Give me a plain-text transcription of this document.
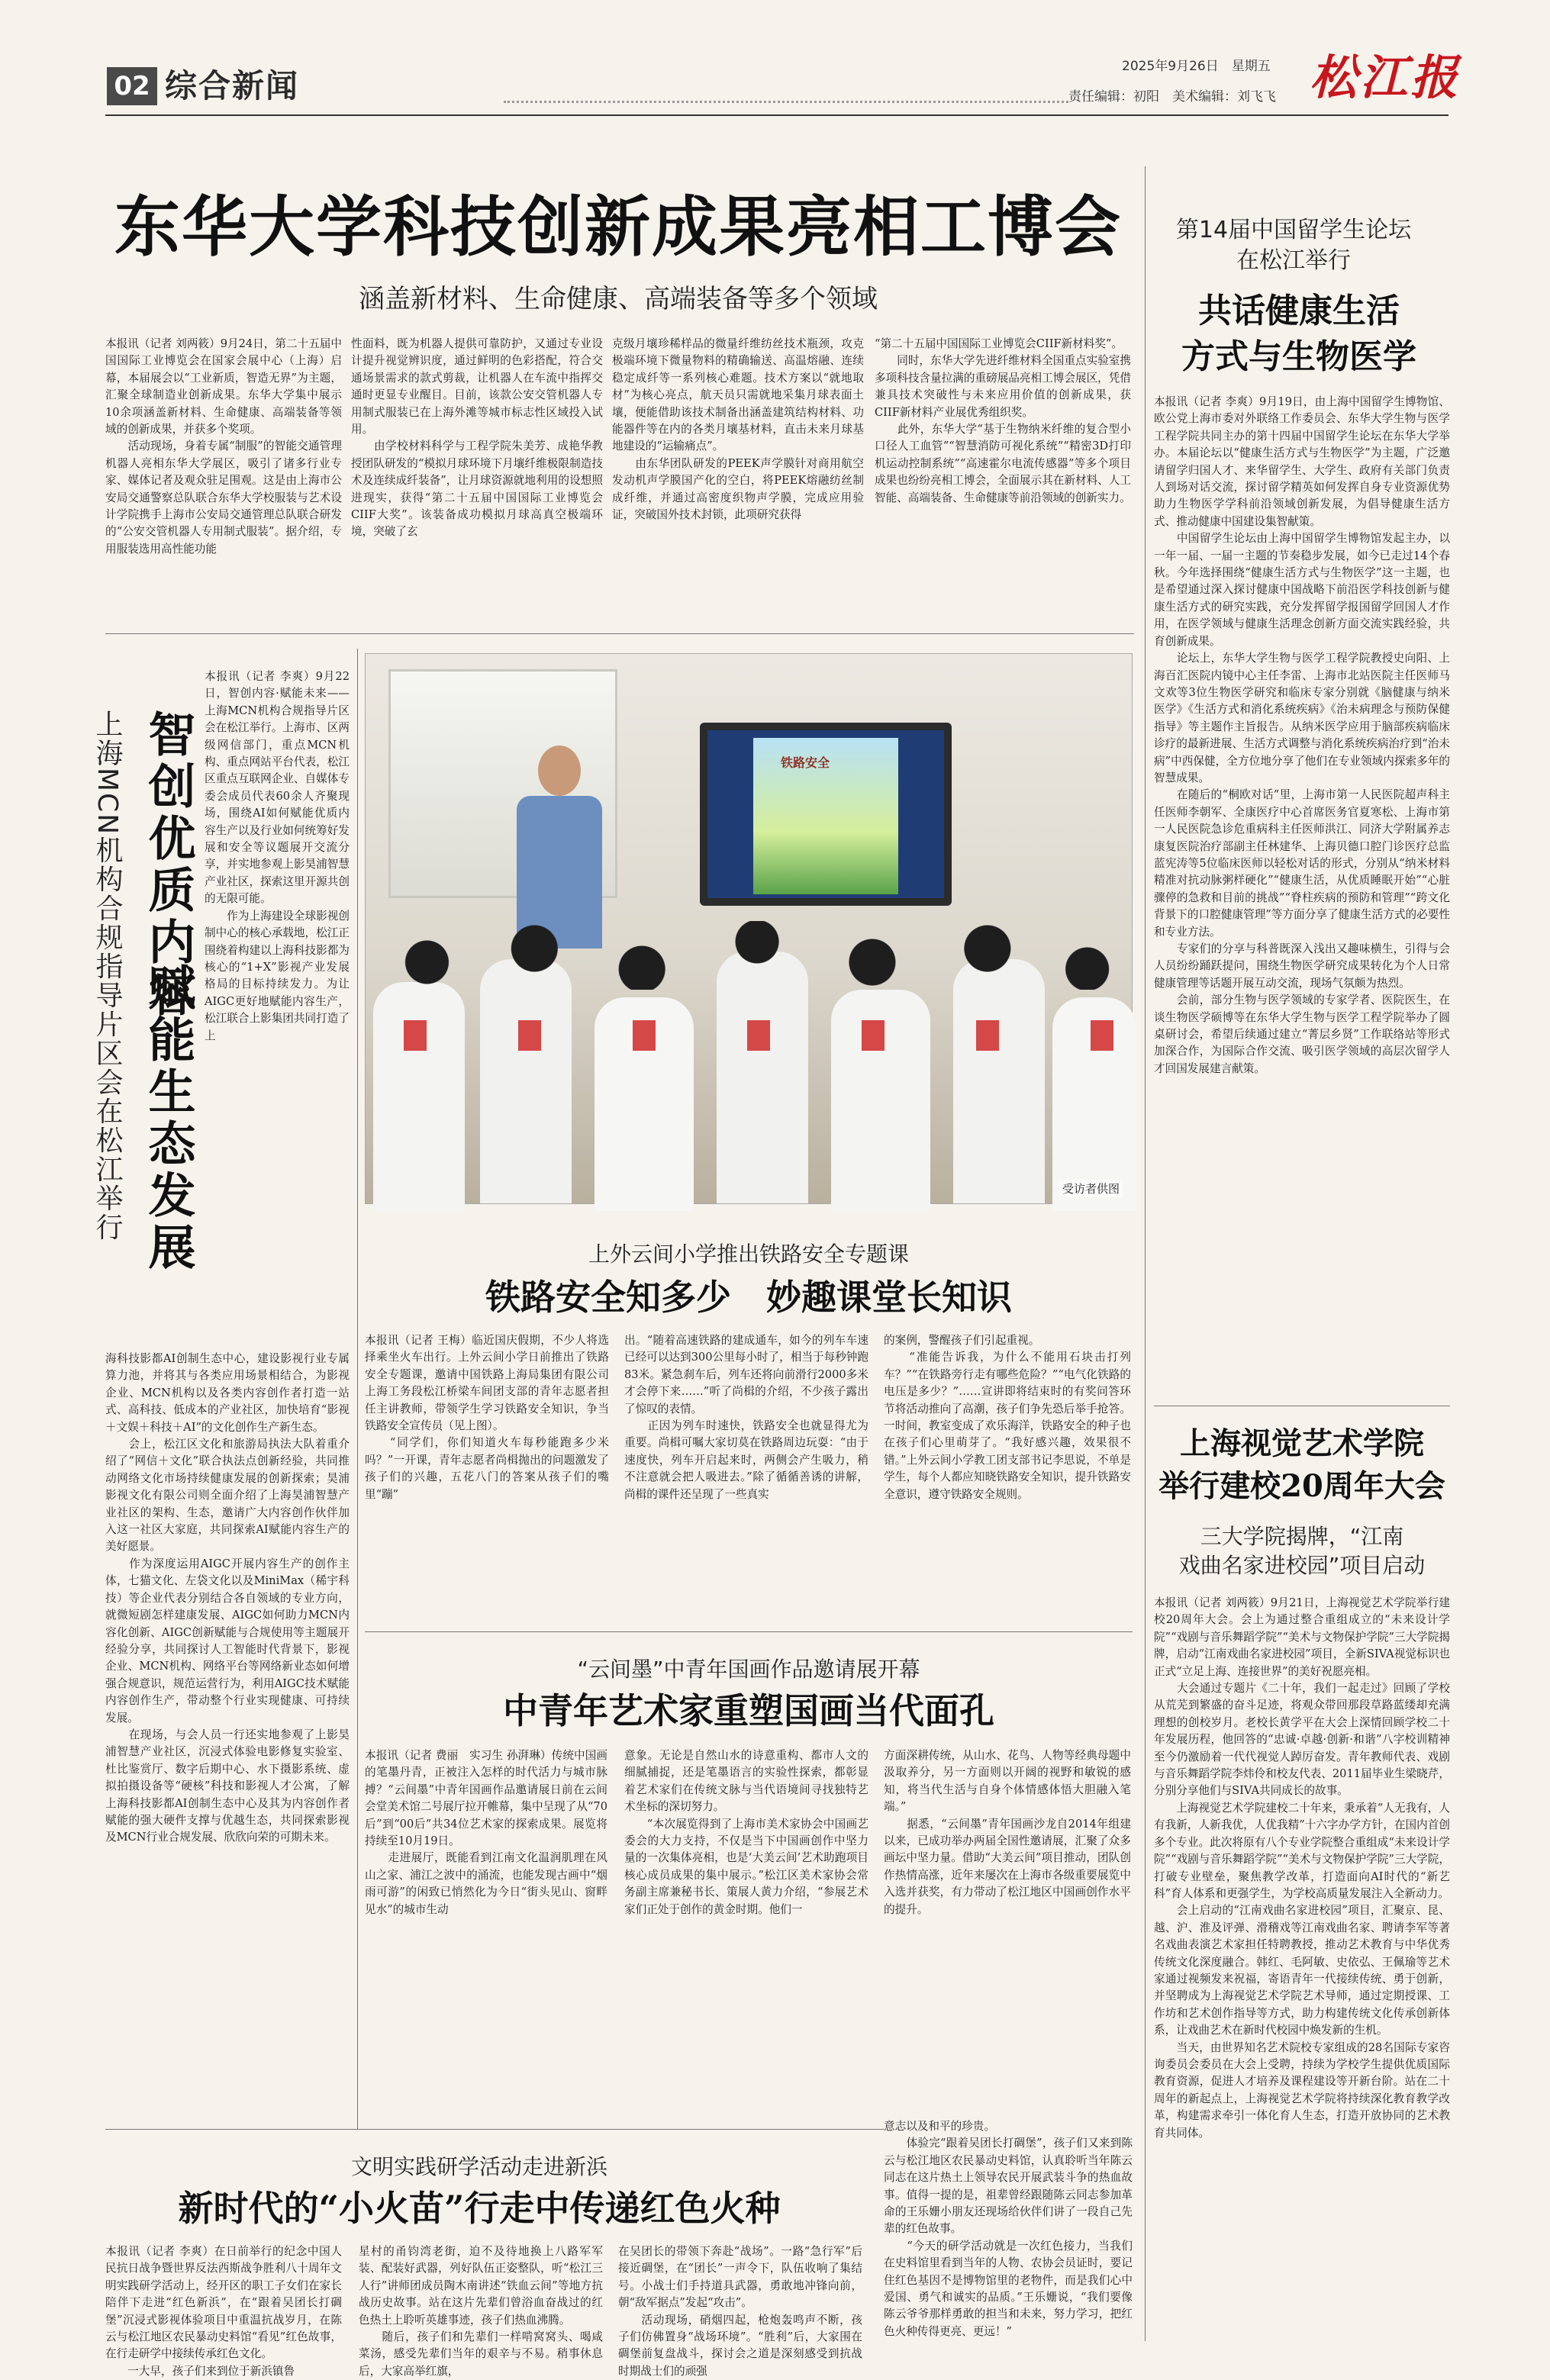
02 综合新闻
2025年9月26日　星期五
责任编辑：初阳　美术编辑：刘飞飞 松江报
东华大学科技创新成果亮相工博会
涵盖新材料、生命健康、高端装备等多个领域
本报讯（记者 刘两筱）9月24日，第二十五届中国国际工业博览会在国家会展中心（上海）启幕，本届展会以“工业新质，智造无界”为主题，汇聚全球制造业创新成果。东华大学集中展示10余项涵盖新材料、生命健康、高端装备等领域的创新成果，并获多个奖项。
　　活动现场，身着专属“制服”的智能交通管理机器人亮相东华大学展区，吸引了诸多行业专家、媒体记者及观众驻足围观。这是由上海市公安局交通警察总队联合东华大学校服装与艺术设计学院携手上海市公安局交通管理总队联合研发的“公安交管机器人专用制式服装”。据介绍，专用服装选用高性能功能
性面料，既为机器人提供可靠防护，又通过专业设计提升视觉辨识度，通过鲜明的色彩搭配，符合交通场景需求的款式剪裁，让机器人在车流中指挥交通时更显专业醒目。目前，该款公安交管机器人专用制式服装已在上海外滩等城市标志性区域投入试用。
　　由学校材料科学与工程学院朱美芳、成艳华教授团队研发的“模拟月球环境下月壤纤维极限制造技术及连续成纤装备”，让月球资源就地利用的设想照进现实，获得“第二十五届中国国际工业博览会CIIF大奖”。该装备成功模拟月球高真空极端环境，突破了玄
克级月壤珍稀样品的微量纤维纺丝技术瓶颈，攻克极端环境下微量物料的精确输送、高温熔融、连续稳定成纤等一系列核心难题。技术方案以“就地取材”为核心亮点，航天员只需就地采集月球表面土壤，便能借助该技术制备出涵盖建筑结构材料、功能器件等在内的各类月壤基材料，直击未来月球基地建设的“运输痛点”。
　　由东华团队研发的PEEK声学膜针对商用航空发动机声学膜国产化的空白，将PEEK熔融纺丝制成纤维，并通过高密度织物声学膜，完成应用验证，突破国外技术封锁，此项研究获得
“第二十五届中国国际工业博览会CIIF新材料奖”。
　　同时，东华大学先进纤维材料全国重点实验室携多项科技含量拉满的重磅展品亮相工博会展区，凭借兼具技术突破性与未来应用价值的创新成果，获CIIF新材料产业展优秀组织奖。
　　此外，东华大学“基于生物纳米纤维的复合型小口径人工血管”“智慧消防可视化系统”“精密3D打印机运动控制系统”“高速霍尔电流传感器”等多个项目成果也纷纷亮相工博会，全面展示其在新材料、人工智能、高端装备、生命健康等前沿领域的创新实力。
上海MCN机构合规指导片区会在松江举行 智创优质内容
赋能生态发展
本报讯（记者 李爽）9月22日，智创内容·赋能未来——上海MCN机构合规指导片区会在松江举行。上海市、区两级网信部门，重点MCN机构、重点网站平台代表，松江区重点互联网企业、自媒体专委会成员代表60余人齐聚现场，围绕AI如何赋能优质内容生产以及行业如何统筹好发展和安全等议题展开交流分享，并实地参观上影昊浦智慧产业社区，探索这里开源共创的无限可能。
　　作为上海建设全球影视创制中心的核心承载地，松江正围绕着构建以上海科技影都为核心的“1+X”影视产业发展格局的目标持续发力。为让AIGC更好地赋能内容生产，松江联合上影集团共同打造了上
海科技影都AI创制生态中心，建设影视行业专属算力池，并将其与各类应用场景相结合，为影视企业、MCN机构以及各类内容创作者打造一站式、高科技、低成本的产业社区，加快培育“影视＋文娱＋科技＋AI”的文化创作生产新生态。
　　会上，松江区文化和旅游局执法大队着重介绍了“网信＋文化”联合执法点创新经验，共同推动网络文化市场持续健康发展的创新探索；昊浦影视文化有限公司则全面介绍了上海昊浦智慧产业社区的架构、生态，邀请广大内容创作伙伴加入这一社区大家庭，共同探索AI赋能内容生产的美好愿景。
　　作为深度运用AIGC开展内容生产的创作主体，七猫文化、左袋文化以及MiniMax（稀宇科技）等企业代表分别结合各自领域的专业方向，就微短剧怎样建康发展、AIGC如何助力MCN内容化创新、AIGC创新赋能与合规使用等主题展开经验分享，共同探讨人工智能时代背景下，影视企业、MCN机构、网络平台等网络新业态如何增强合规意识，规范运营行为，利用AIGC技术赋能内容创作生产，带动整个行业实现健康、可持续发展。
　　在现场，与会人员一行还实地参观了上影昊浦智慧产业社区，沉浸式体验电影修复实验室、杜比鉴赏厅、数字后期中心、水下摄影系统、虚拟拍摄设备等“硬核”科技和影视人才公寓，了解上海科技影都AI创制生态中心及其为内容创作者赋能的强大硬件支撑与优越生态，共同探索影视及MCN行业合规发展、欣欣向荣的可期未来。
铁路安全
受访者供图
上外云间小学推出铁路安全专题课
铁路安全知多少　妙趣课堂长知识
本报讯（记者 王梅）临近国庆假期，不少人将选择乘坐火车出行。上外云间小学日前推出了铁路安全专题课，邀请中国铁路上海局集团有限公司上海工务段松江桥梁车间团支部的青年志愿者担任主讲教师，带领学生学习铁路安全知识，争当铁路安全宣传员（见上图）。
　　“同学们，你们知道火车每秒能跑多少米吗？”一开课，青年志愿者尚楫抛出的问题激发了孩子们的兴趣，五花八门的答案从孩子们的嘴里“蹦”
出。“随着高速铁路的建成通车，如今的列车车速已经可以达到300公里每小时了，相当于每秒钟跑83米。紧急刹车后，列车还将向前滑行2000多米才会停下来……”听了尚楫的介绍，不少孩子露出了惊叹的表情。
　　正因为列车时速快，铁路安全也就显得尤为重要。尚楫可嘱大家切莫在铁路周边玩耍：“由于速度快，列车开启起来时，两侧会产生吸力，稍不注意就会把人吸进去。”除了循循善诱的讲解，尚楫的课件还呈现了一些真实
的案例，警醒孩子们引起重视。
　　“准能告诉我，为什么不能用石块击打列车？”“在铁路旁行走有哪些危险？”“电气化铁路的电压是多少？”……宣讲即将结束时的有奖问答环节将活动推向了高潮，孩子们争先恐后举手抢答。一时间，教室变成了欢乐海洋，铁路安全的种子也在孩子们心里萌芽了。“我好感兴趣，效果很不错。”上外云间小学教工团支部书记李思说，不单是学生，每个人都应知晓铁路安全知识，提升铁路安全意识，遵守铁路安全规则。
“云间墨”中青年国画作品邀请展开幕
中青年艺术家重塑国画当代面孔
本报讯（记者 费丽　实习生 孙湃琳）传统中国画的笔墨丹青，正被注入怎样的时代活力与城市脉搏？“云间墨”中青年国画作品邀请展日前在云间会堂美术馆二号展厅拉开帷幕，集中呈现了从“70后”到“00后”共34位艺术家的探索成果。展览将持续至10月19日。
　　走进展厅，既能看到江南文化温润肌理在风山之家、浦江之波中的涌流，也能发现古画中“烟雨可游”的闲致已悄然化为今日“街头见山、窗畔见水”的城市生动
意象。无论是自然山水的诗意重构、都市人文的细腻捕捉，还是笔墨语言的实验性探索，都彰显着艺术家们在传统文脉与当代语境间寻找独特艺术坐标的深切努力。
　　“本次展览得到了上海市美术家协会中国画艺委会的大力支持，不仅是当下中国画创作中坚力量的一次集体亮相，也是‘大美云间’艺术助跑项目核心成员成果的集中展示。”松江区美术家协会常务副主席兼秘书长、策展人黄力介绍，“参展艺术家们正处于创作的黄金时期。他们一
方面深耕传统，从山水、花鸟、人物等经典母题中汲取养分，另一方面则以开阔的视野和敏锐的感知，将当代生活与自身个体情感体悟大胆融入笔端。”
　　据悉，“云间墨”青年国画沙龙自2014年组建以来，已成功举办两届全国性邀请展，汇聚了众多画坛中坚力量。借助“大美云间”项目推动，团队创作热情高涨，近年来屡次在上海市各级重要展览中入选并获奖，有力带动了松江地区中国画创作水平的提升。
文明实践研学活动走进新浜
新时代的“小火苗”行走中传递红色火种
本报讯（记者 李爽）在日前举行的纪念中国人民抗日战争暨世界反法西斯战争胜利八十周年文明实践研学活动上，经开区的职工子女们在家长陪伴下走进“红色新浜”，在“跟着吴团长打碉堡”沉浸式影视体验项目中重温抗战岁月，在陈云与松江地区农民暴动史料馆“看见”红色故事，在行走研学中接续传承红色文化。
　　一大早，孩子们来到位于新浜镇鲁
星村的甬钧湾老街，迫不及待地换上八路军军装、配装好武器，列好队伍正姿整队，听“松江三人行”讲师团成员陶木南讲述“铁血云间”等地方抗战历史故事。站在这片先辈们曾浴血奋战过的红色热土上聆听英雄事迹，孩子们热血沸腾。
　　随后，孩子们和先辈们一样啃窝窝头、喝咸菜汤，感受先辈们当年的艰辛与不易。稍事休息后，大家高举红旗，
在吴团长的带领下奔赴“战场”。一路“急行军”后接近碉堡，在“团长”一声令下，队伍收响了集结号。小战士们手持道具武器，勇敢地冲锋向前，朝“敌军据点”发起“攻击”。
　　活动现场，硝烟四起，枪炮轰鸣声不断，孩子们仿佛置身“战场环境”。“胜利”后，大家围在碉堡前复盘战斗，探讨会之道是深刻感受到抗战时期战士们的顽强
意志以及和平的珍贵。
　　体验完“跟着吴团长打碉堡”，孩子们又来到陈云与松江地区农民暴动史料馆，认真聆听当年陈云同志在这片热土上领导农民开展武装斗争的热血故事。值得一提的是，祖辈曾经跟随陈云同志参加革命的王乐姗小朋友还现场给伙伴们讲了一段自己先辈的红色故事。
　　“今天的研学活动就是一次红色接力，当我们在史料馆里看到当年的人物、农协会员证时，要记住红色基因不是博物馆里的老物件，而是我们心中爱国、勇气和诚实的品质。”王乐姗说，“我们要像陈云爷爷那样勇敢的担当和未来，努力学习，把红色火种传得更亮、更远！”
第14届中国留学生论坛在松江举行
共话健康生活
方式与生物医学
本报讯（记者 李爽）9月19日，由上海中国留学生博物馆、欧公党上海市委对外联络工作委员会、东华大学生物与医学工程学院共同主办的第十四届中国留学生论坛在东华大学举办。本届论坛以“健康生活方式与生物医学”为主题，广泛邀请留学归国人才、来华留学生、大学生、政府有关部门负责人到场对话交流，探讨留学精英如何发挥自身专业资源优势助力生物医学学科前沿领域创新发展，为倡导健康生活方式、推动健康中国建设集智献策。
　　中国留学生论坛由上海中国留学生博物馆发起主办，以一年一届、一届一主题的节奏稳步发展，如今已走过14个春秋。今年选择围绕“健康生活方式与生物医学”这一主题，也是希望通过深入探讨健康中国战略下前沿医学科技创新与健康生活方式的研究实践，充分发挥留学报国留学回国人才作用，在医学领域与健康生活理念创新方面交流实践经验，共育创新成果。
　　论坛上，东华大学生物与医学工程学院教授史向阳、上海百汇医院内镜中心主任李雷、上海市北站医院主任医师马文欢等3位生物医学研究和临床专家分别就《脑健康与纳米医学》《生活方式和消化系统疾病》《治未病理念与预防保健指导》等主题作主旨报告。从纳米医学应用于脑部疾病临床诊疗的最新进展、生活方式调整与消化系统疾病治疗到“治未病”中西保健，全方位地分享了他们在专业领域内探索多年的智慧成果。
　　在随后的“桐欧对话”里，上海市第一人民医院超声科主任医师李朝军、全康医疗中心首席医务官夏寒松、上海市第一人民医院急诊危重病科主任医师洪江、同济大学附属养志康复医院治疗部副主任林建华、上海贝德口腔门诊医疗总监蓝宪涛等5位临床医师以轻松对话的形式，分别从“纳米材料精准对抗动脉粥样硬化”“健康生活，从优质睡眠开始”“心脏骤停的急救和目前的挑战”“脊柱疾病的预防和管理”“跨文化背景下的口腔健康管理”等方面分享了健康生活方式的必要性和专业方法。
　　专家们的分享与科普既深入浅出又趣味横生，引得与会人员纷纷踊跃提问，围绕生物医学研究成果转化为个人日常健康管理等话题开展互动交流，现场气氛颇为热烈。
　　会前，部分生物与医学领域的专家学者、医院医生，在谈生物医学硕博等在东华大学生物与医学工程学院举办了圆桌研讨会，希望后续通过建立“菁层乡贤”工作联络站等形式加深合作，为国际合作交流、吸引医学领域的高层次留学人才回国发展建言献策。
上海视觉艺术学院
举行建校20周年大会
三大学院揭牌，“江南
戏曲名家进校园”项目启动
本报讯（记者 刘两筱）9月21日，上海视觉艺术学院举行建校20周年大会。会上为通过整合重组成立的“未来设计学院”“戏剧与音乐舞蹈学院”“美术与文物保护学院”三大学院揭牌，启动“江南戏曲名家进校园”项目，全新SIVA视觉标识也正式“立足上海、连接世界”的美好祝愿亮相。
　　大会通过专题片《二十年，我们一起走过》回顾了学校从荒芜到繁盛的奋斗足迹，将观众带回那段草路蓝缕却充满理想的创校岁月。老校长黄学平在大会上深情回顾学校二十年发展历程，他回答的“忠诚·卓越·创新·和谐”八字校训精神至今仍激励着一代代视觉人踔厉奋发。青年教师代表、戏剧与音乐舞蹈学院李炜伶和校友代表、2011届毕业生梁晓芹，分别分享他们与SIVA共同成长的故事。
　　上海视觉艺术学院建校二十年来，秉承着“人无我有，人有我新，人新我优，人优我精”十六字办学方针，在国内首创多个专业。此次将原有八个专业学院整合重组成“未来设计学院”“戏剧与音乐舞蹈学院”“美术与文物保护学院”三大学院，打破专业壁垒，聚焦教学改革，打造面向AI时代的“新艺科”育人体系和更强学生，为学校高质量发展注入全新动力。
　　会上启动的“江南戏曲名家进校园”项目，汇聚京、昆、越、沪、淮及评弹、滑稽戏等江南戏曲名家、聘请李军等著名戏曲表演艺术家担任特聘教授，推动艺术教育与中华优秀传统文化深度融合。韩红、毛阿敏、史依弘、王佩瑜等艺术家通过视频发来祝福，寄语青年一代接续传统、勇于创新，并坚聘成为上海视觉艺术学院艺术导师，通过定期授课、工作坊和艺术创作指导等方式，助力构建传统文化传承创新体系，让戏曲艺术在新时代校园中焕发新的生机。
　　当天，由世界知名艺术院校专家组成的28名国际专家咨询委员会委员在大会上受聘，持续为学校学生提供优质国际教育资源，促进人才培养及课程建设等开新台阶。站在二十周年的新起点上，上海视觉艺术学院将持续深化教育教学改革，构建需求牵引一体化育人生态，打造开放协同的艺术教育共同体。
